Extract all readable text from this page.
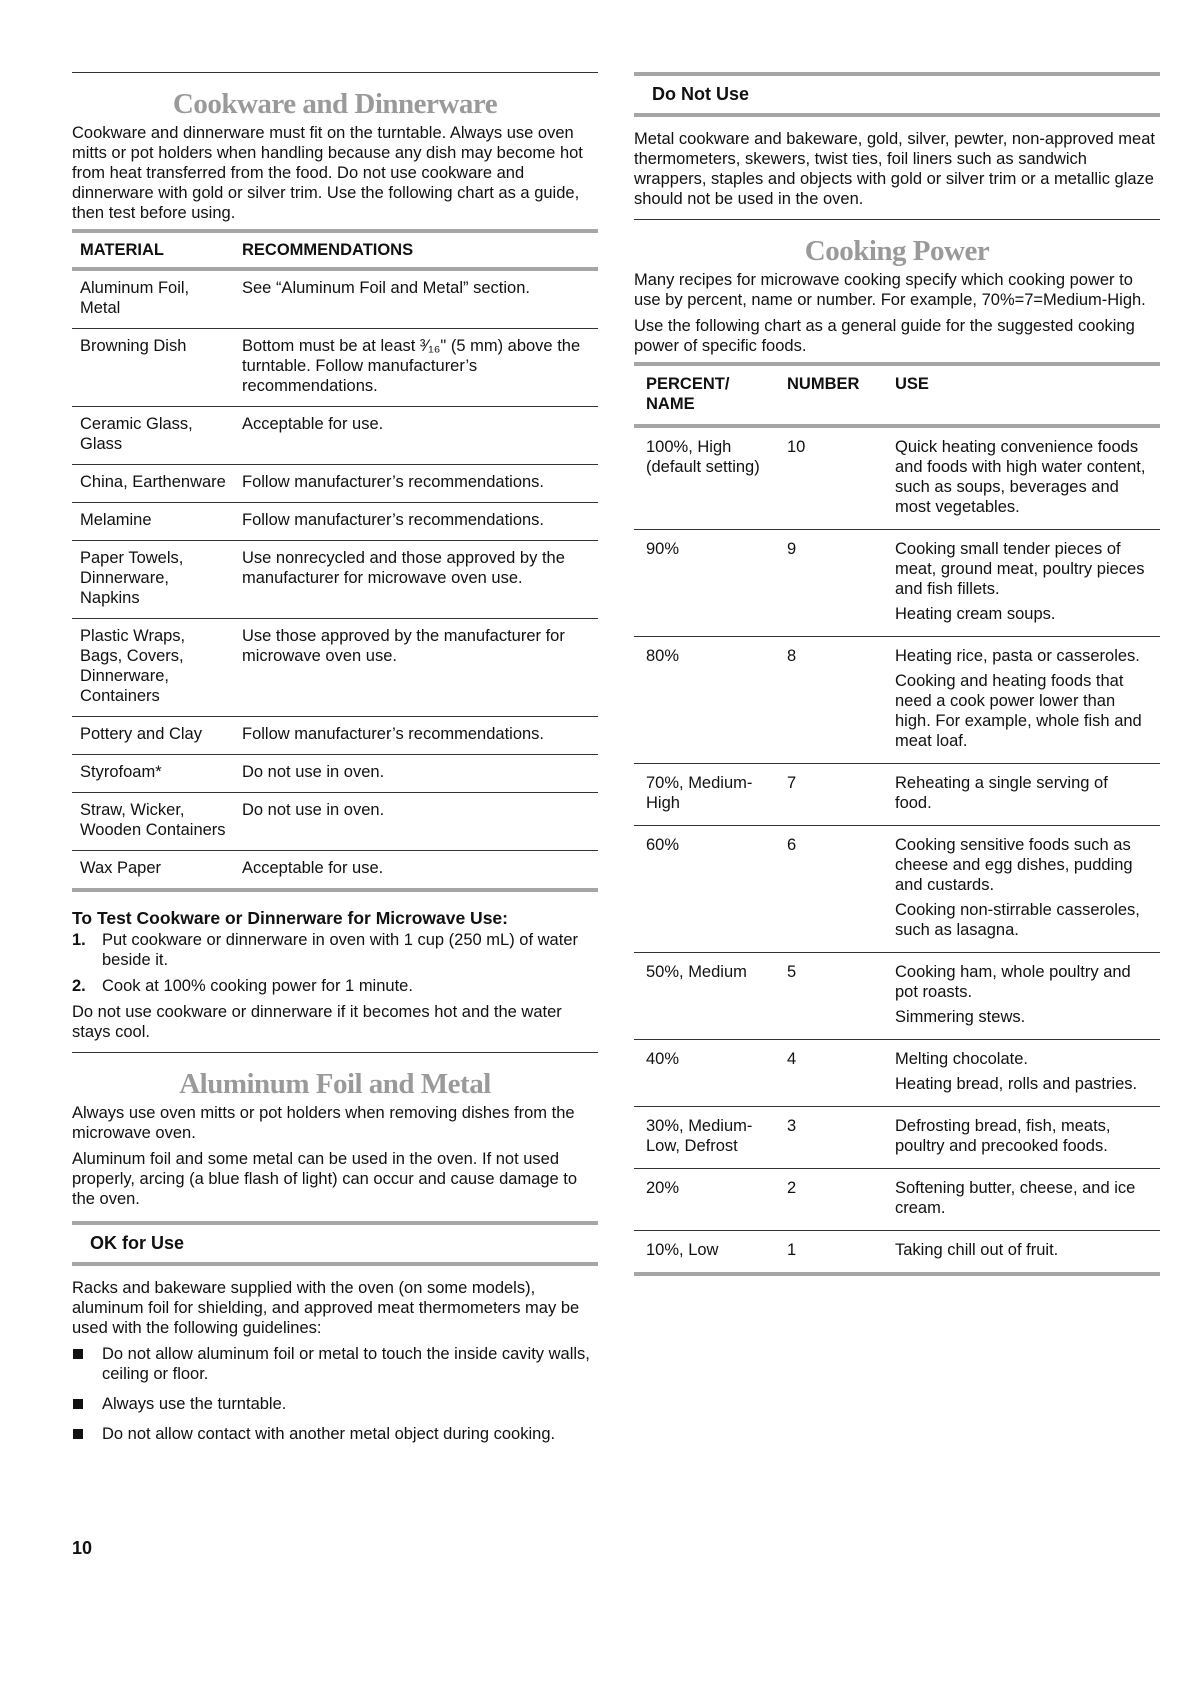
Cookware and Dinnerware

Cookware and dinnerware must fit on the turntable. Always use oven mitts or pot holders when handling because any dish may become hot from heat transferred from the food. Do not use cookware and dinnerware with gold or silver trim. Use the following chart as a guide, then test before using.

MATERIAL	RECOMMENDATIONS
Aluminum Foil, Metal	See “Aluminum Foil and Metal” section.
Browning Dish	Bottom must be at least ³⁄₁₆" (5 mm) above the turntable. Follow manufacturer’s recommendations.
Ceramic Glass, Glass	Acceptable for use.
China, Earthenware	Follow manufacturer’s recommendations.
Melamine	Follow manufacturer’s recommendations.
Paper Towels, Dinnerware, Napkins	Use nonrecycled and those approved by the manufacturer for microwave oven use.
Plastic Wraps, Bags, Covers, Dinnerware, Containers	Use those approved by the manufacturer for microwave oven use.
Pottery and Clay	Follow manufacturer’s recommendations.
Styrofoam*	Do not use in oven.
Straw, Wicker, Wooden Containers	Do not use in oven.
Wax Paper	Acceptable for use.
To Test Cookware or Dinnerware for Microwave Use:
1. Put cookware or dinnerware in oven with 1 cup (250 mL) of water beside it.
2. Cook at 100% cooking power for 1 minute.

Do not use cookware or dinnerware if it becomes hot and the water stays cool.

Aluminum Foil and Metal

Always use oven mitts or pot holders when removing dishes from the microwave oven.

Aluminum foil and some metal can be used in the oven. If not used properly, arcing (a blue flash of light) can occur and cause damage to the oven.

OK for Use

Racks and bakeware supplied with the oven (on some models), aluminum foil for shielding, and approved meat thermometers may be used with the following guidelines:

Do not allow aluminum foil or metal to touch the inside cavity walls, ceiling or floor.
Always use the turntable.
Do not allow contact with another metal object during cooking.
Do Not Use

Metal cookware and bakeware, gold, silver, pewter, non-approved meat thermometers, skewers, twist ties, foil liners such as sandwich wrappers, staples and objects with gold or silver trim or a metallic glaze should not be used in the oven.

Cooking Power

Many recipes for microwave cooking specify which cooking power to use by percent, name or number. For example, 70%=7=Medium-High.

Use the following chart as a general guide for the suggested cooking power of specific foods.

PERCENT/ NAME	NUMBER	USE
100%, High (default setting)	10	Quick heating convenience foods and foods with high water content, such as soups, beverages and most vegetables.

90%	9	Cooking small tender pieces of meat, ground meat, poultry pieces and fish fillets.

Heating cream soups.

80%	8	Heating rice, pasta or casseroles.

Cooking and heating foods that need a cook power lower than high. For example, whole fish and meat loaf.

70%, Medium-High	7	Reheating a single serving of food.

60%	6	Cooking sensitive foods such as cheese and egg dishes, pudding and custards.

Cooking non-stirrable casseroles, such as lasagna.

50%, Medium	5	Cooking ham, whole poultry and pot roasts.

Simmering stews.

40%	4	Melting chocolate.

Heating bread, rolls and pastries.

30%, Medium-Low, Defrost	3	Defrosting bread, fish, meats, poultry and precooked foods.

20%	2	Softening butter, cheese, and ice cream.

10%, Low	1	Taking chill out of fruit.

10
